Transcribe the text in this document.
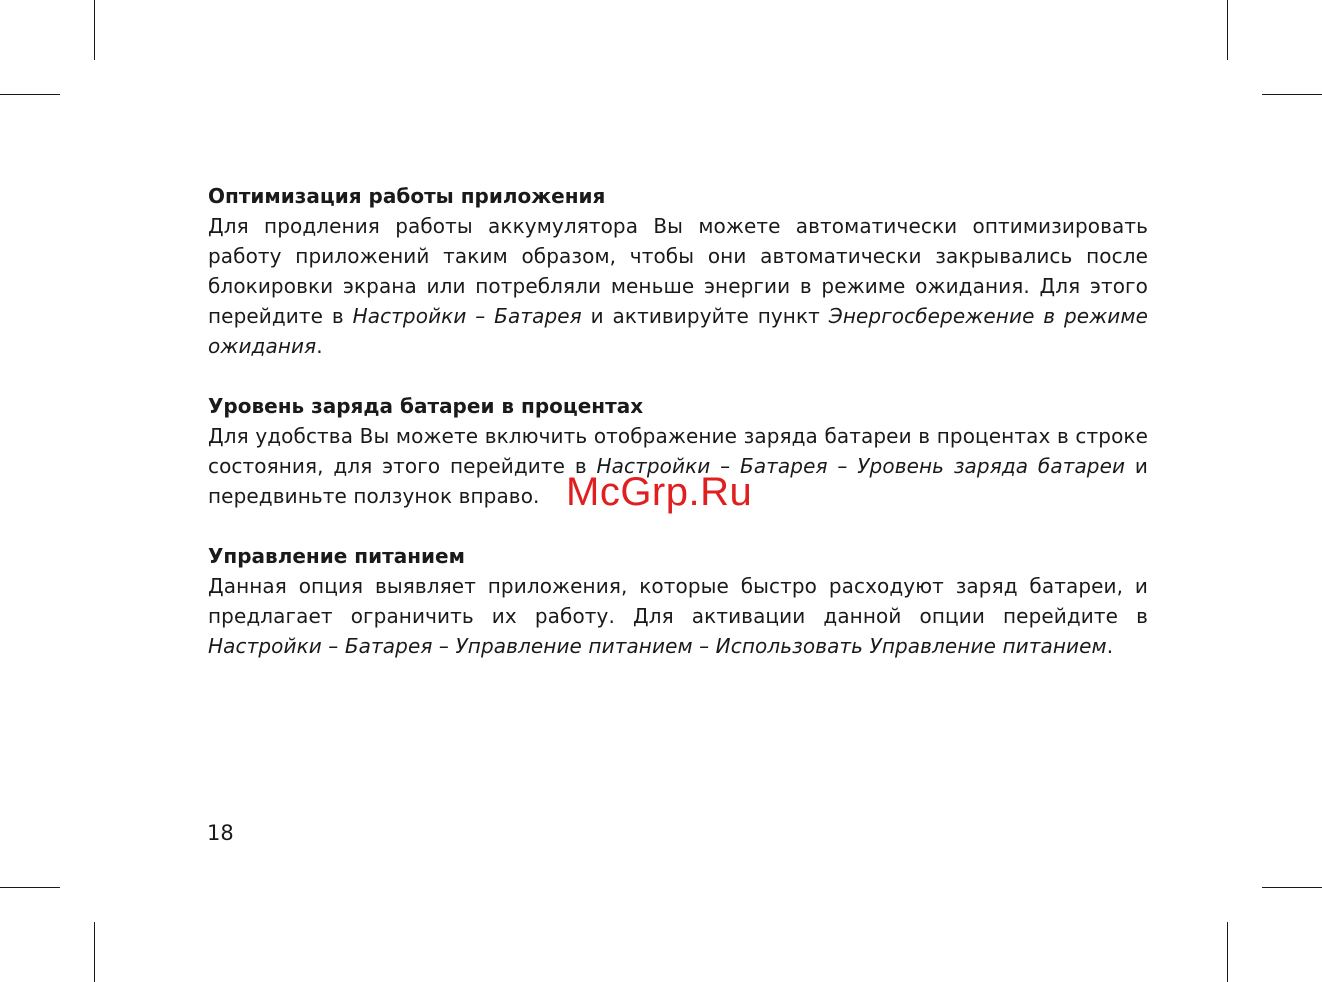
Оптимизация работы приложения

Для продления работы аккумулятора Вы можете автоматически оптимизировать работу приложений таким образом, чтобы они автоматически закрывались после блокировки экрана или потребляли меньше энергии в режиме ожидания. Для этого перейдите в Настройки – Батарея и активируйте пункт Энергосбережение в режиме ожидания.

Уровень заряда батареи в процентах

Для удобства Вы можете включить отображение заряда батареи в процентах в строке состояния, для этого перейдите в Настройки – Батарея – Уровень заряда батареи и передвиньте ползунок вправо.

Управление питанием

Данная опция выявляет приложения, которые быстро расходуют заряд батареи, и предлагает ограничить их работу. Для активации данной опции перейдите в Настройки – Батарея – Управление питанием – Использовать Управление питанием.

18
McGrp.Ru
